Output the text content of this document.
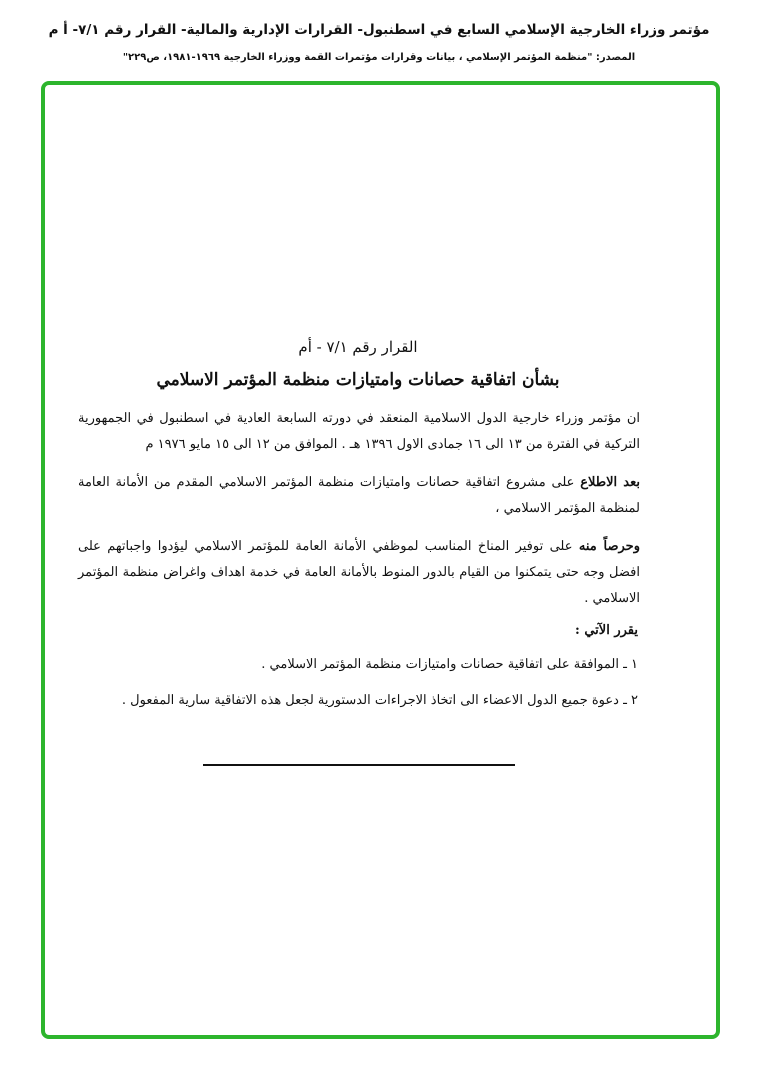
مؤتمر وزراء الخارجية الإسلامي السابع في اسطنبول- القرارات الإدارية والمالية- القرار رقم ٧/١- أ م
المصدر: "منظمة المؤتمر الإسلامي ، بيانات وقرارات مؤتمرات القمة ووزراء الخارجية ١٩٦٩-١٩٨١، ص٢٢٩"
القرار رقم ٧/١ - أم
بشأن اتفاقية حصانات وامتيازات منظمة المؤتمر الاسلامي
ان مؤتمر وزراء خارجية الدول الاسلامية المنعقد في دورته السابعة العادية في اسطنبول في الجمهورية التركية في الفترة من ١٣ الى ١٦ جمادى الاول ١٣٩٦ هـ . الموافق من ١٢ الى ١٥ مايو ١٩٧٦ م
بعد الاطلاع على مشروع اتفاقية حصانات وامتيازات منظمة المؤتمر الاسلامي المقدم من الأمانة العامة لمنظمة المؤتمر الاسلامي ،
وحرصاً منه على توفير المناخ المناسب لموظفي الأمانة العامة للمؤتمر الاسلامي ليؤدوا واجباتهم على افضل وجه حتى يتمكنوا من القيام بالدور المنوط بالأمانة العامة في خدمة اهداف واغراض منظمة المؤتمر الاسلامي .
يقرر الآتي :
١ ـ الموافقة على اتفاقية حصانات وامتيازات منظمة المؤتمر الاسلامي .
٢ ـ دعوة جميع الدول الاعضاء الى اتخاذ الاجراءات الدستورية لجعل هذه الاتفاقية سارية المفعول .
